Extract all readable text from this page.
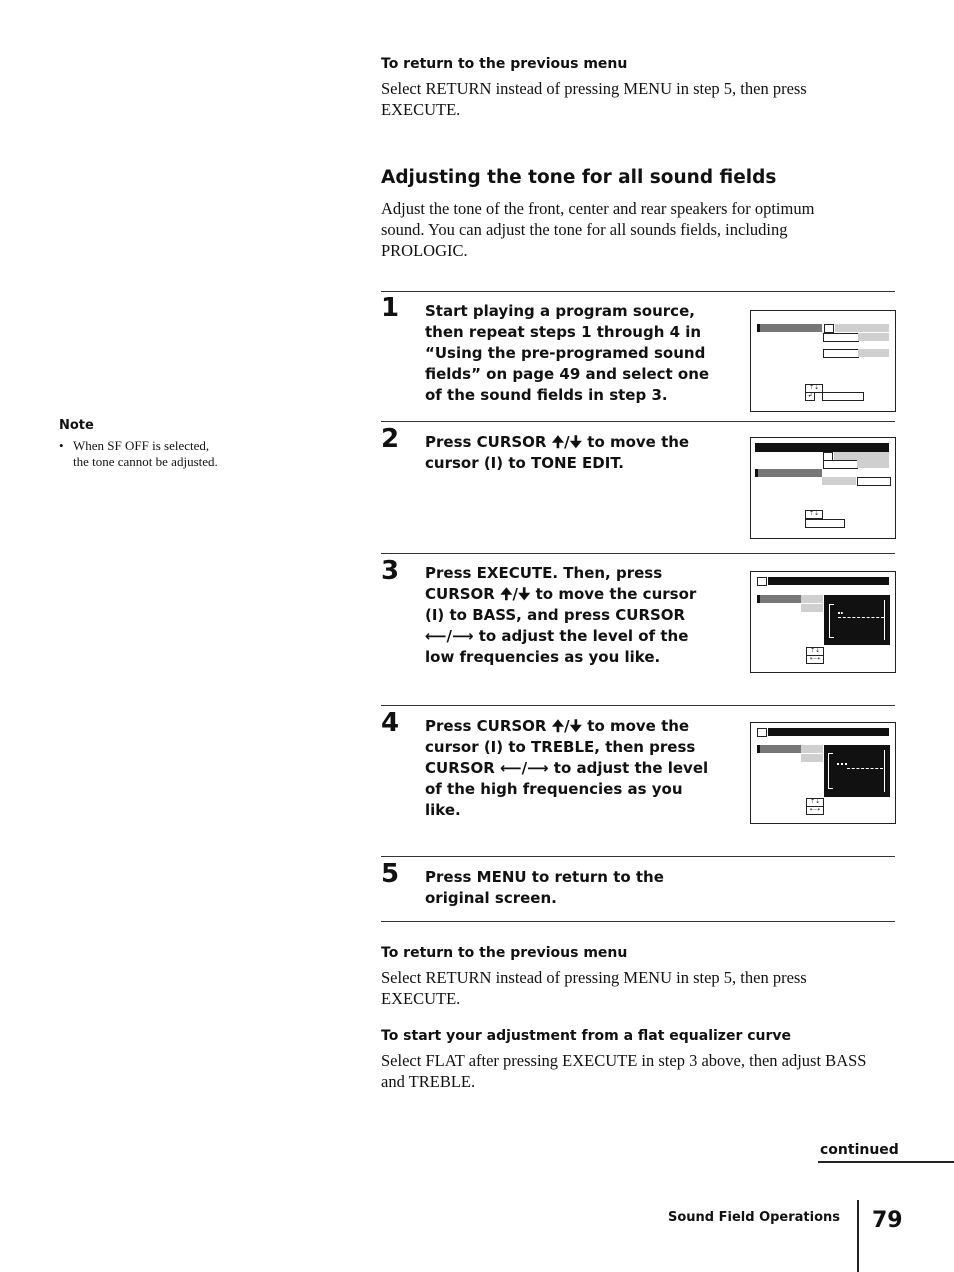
To return to the previous menu
Select RETURN instead of pressing MENU in step 5, then press EXECUTE.
Adjusting the tone for all sound fields
Adjust the tone of the front, center and rear speakers for optimum sound. You can adjust the tone for all sounds fields, including PROLOGIC.
Note
• When SF OFF is selected,
the tone cannot be adjusted.
1 Start playing a program source, then repeat steps 1 through 4 in “Using the pre-programed sound fields” on page 49 and select one of the sound fields in step 3.	⇡⇣
↲
2 Press CURSOR 🠉/🠋 to move the cursor (I) to TONE EDIT.
⇡⇣
3 Press EXECUTE. Then, press CURSOR 🠉/🠋 to move the cursor (I) to BASS, and press CURSOR ⟵/⟶ to adjust the level of the low frequencies as you like.	⇡⇣
⇠⇢
4 Press CURSOR 🠉/🠋 to move the cursor (I) to TREBLE, then press CURSOR ⟵/⟶ to adjust the level of the high frequencies as you like.	⇡⇣
⇠⇢
5 Press MENU to return to the original screen.
To return to the previous menu
Select RETURN instead of pressing MENU in step 5, then press EXECUTE.
To start your adjustment from a flat equalizer curve
Select FLAT after pressing EXECUTE in step 3 above, then adjust BASS and TREBLE.
continued
Sound Field Operations 79
